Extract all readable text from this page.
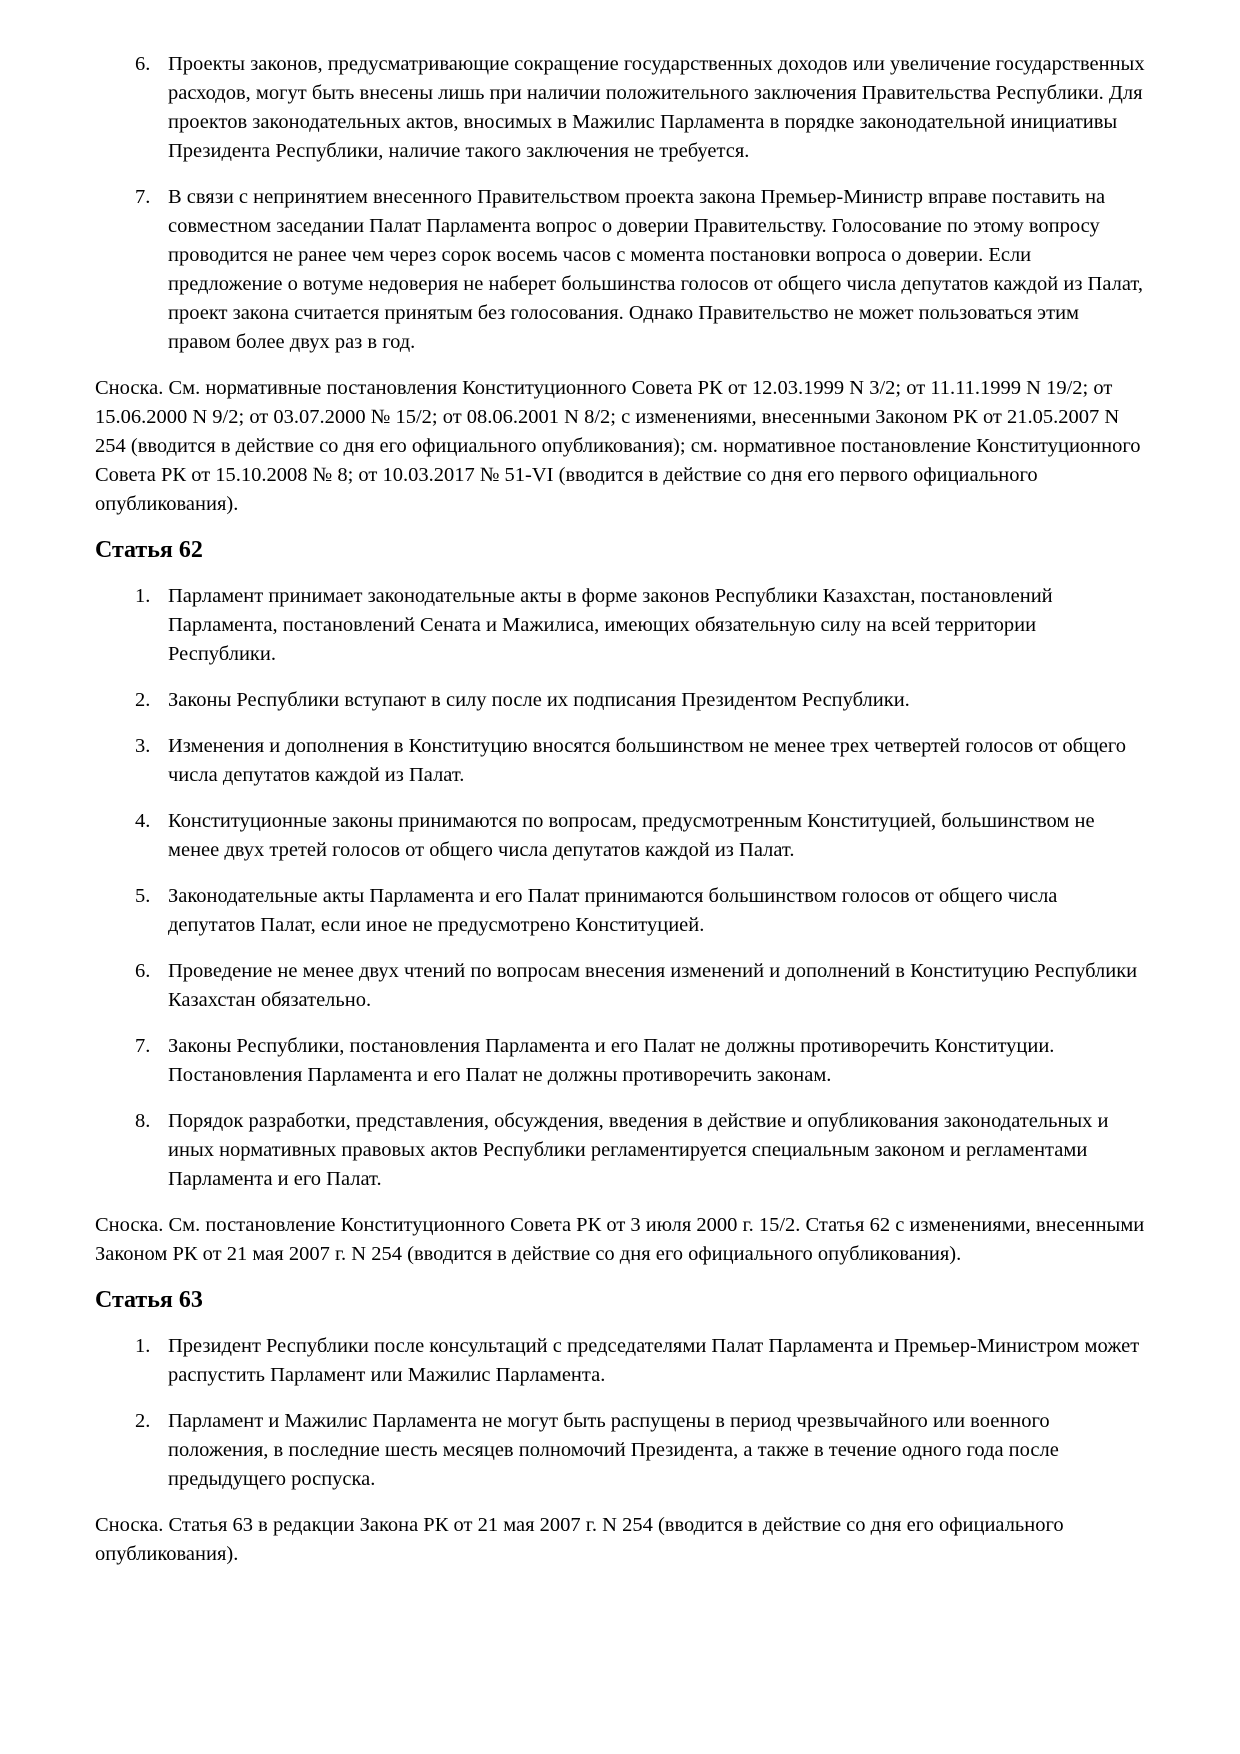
6. Проекты законов, предусматривающие сокращение государственных доходов или увеличение государственных расходов, могут быть внесены лишь при наличии положительного заключения Правительства Республики. Для проектов законодательных актов, вносимых в Мажилис Парламента в порядке законодательной инициативы Президента Республики, наличие такого заключения не требуется.
7. В связи с непринятием внесенного Правительством проекта закона Премьер-Министр вправе поставить на совместном заседании Палат Парламента вопрос о доверии Правительству. Голосование по этому вопросу проводится не ранее чем через сорок восемь часов с момента постановки вопроса о доверии. Если предложение о вотуме недоверия не наберет большинства голосов от общего числа депутатов каждой из Палат, проект закона считается принятым без голосования. Однако Правительство не может пользоваться этим правом более двух раз в год.

Сноска. См. нормативные постановления Конституционного Совета РК от 12.03.1999 N 3/2; от 11.11.1999 N 19/2; от 15.06.2000 N 9/2; от 03.07.2000 № 15/2; от 08.06.2001 N 8/2; с изменениями, внесенными Законом РК от 21.05.2007 N 254 (вводится в действие со дня его официального опубликования); см. нормативное постановление Конституционного Совета РК от 15.10.2008 № 8; от 10.03.2017 № 51-VI (вводится в действие со дня его первого официального опубликования).

Статья 62
1. Парламент принимает законодательные акты в форме законов Республики Казахстан, постановлений Парламента, постановлений Сената и Мажилиса, имеющих обязательную силу на всей территории Республики.
2. Законы Республики вступают в силу после их подписания Президентом Республики.
3. Изменения и дополнения в Конституцию вносятся большинством не менее трех четвертей голосов от общего числа депутатов каждой из Палат.
4. Конституционные законы принимаются по вопросам, предусмотренным Конституцией, большинством не менее двух третей голосов от общего числа депутатов каждой из Палат.
5. Законодательные акты Парламента и его Палат принимаются большинством голосов от общего числа депутатов Палат, если иное не предусмотрено Конституцией.
6. Проведение не менее двух чтений по вопросам внесения изменений и дополнений в Конституцию Республики Казахстан обязательно.
7. Законы Республики, постановления Парламента и его Палат не должны противоречить Конституции. Постановления Парламента и его Палат не должны противоречить законам.
8. Порядок разработки, представления, обсуждения, введения в действие и опубликования законодательных и иных нормативных правовых актов Республики регламентируется специальным законом и регламентами Парламента и его Палат.

Сноска. См. постановление Конституционного Совета РК от 3 июля 2000 г. 15/2. Статья 62 с изменениями, внесенными Законом РК от 21 мая 2007 г. N 254 (вводится в действие со дня его официального опубликования).

Статья 63
1. Президент Республики после консультаций с председателями Палат Парламента и Премьер-Министром может распустить Парламент или Мажилис Парламента.
2. Парламент и Мажилис Парламента не могут быть распущены в период чрезвычайного или военного положения, в последние шесть месяцев полномочий Президента, а также в течение одного года после предыдущего роспуска.

Сноска. Статья 63 в редакции Закона РК от 21 мая 2007 г. N 254 (вводится в действие со дня его официального опубликования).
